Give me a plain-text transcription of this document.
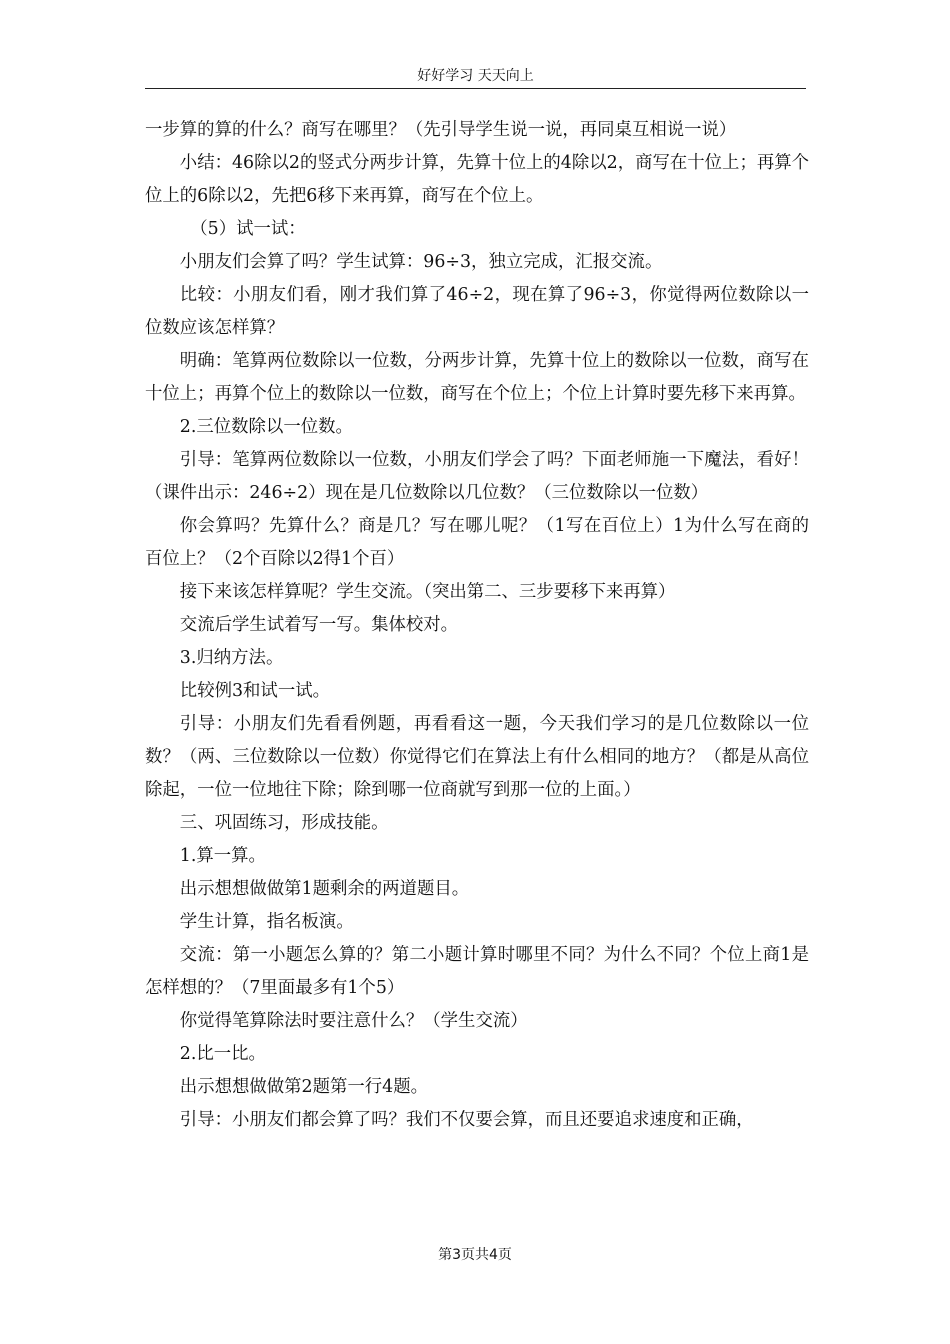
好好学习 天天向上

一步算的算的什么？商写在哪里？（先引导学生说一说，再同桌互相说一说）

小结：46除以2的竖式分两步计算，先算十位上的4除以2，商写在十位上；再算个位上的6除以2，先把6移下来再算，商写在个位上。

（5）试一试：

小朋友们会算了吗？学生试算：96÷3，独立完成，汇报交流。

比较：小朋友们看，刚才我们算了46÷2，现在算了96÷3，你觉得两位数除以一位数应该怎样算？

明确：笔算两位数除以一位数，分两步计算，先算十位上的数除以一位数，商写在十位上；再算个位上的数除以一位数，商写在个位上；个位上计算时要先移下来再算。

2.三位数除以一位数。

引导：笔算两位数除以一位数，小朋友们学会了吗？下面老师施一下魔法，看好！（课件出示：246÷2）现在是几位数除以几位数？（三位数除以一位数）

你会算吗？先算什么？商是几？写在哪儿呢？（1写在百位上）1为什么写在商的百位上？（2个百除以2得1个百）

接下来该怎样算呢？学生交流。（突出第二、三步要移下来再算）

交流后学生试着写一写。集体校对。

3.归纳方法。

比较例3和试一试。

引导：小朋友们先看看例题，再看看这一题，今天我们学习的是几位数除以一位数？（两、三位数除以一位数）你觉得它们在算法上有什么相同的地方？（都是从高位除起，一位一位地往下除；除到哪一位商就写到那一位的上面。）

三、巩固练习，形成技能。

1.算一算。

出示想想做做第1题剩余的两道题目。

学生计算，指名板演。

交流：第一小题怎么算的？第二小题计算时哪里不同？为什么不同？个位上商1是怎样想的？（7里面最多有1个5）

你觉得笔算除法时要注意什么？（学生交流）

2.比一比。

出示想想做做第2题第一行4题。

引导：小朋友们都会算了吗？我们不仅要会算，而且还要追求速度和正确，

第3页共4页
